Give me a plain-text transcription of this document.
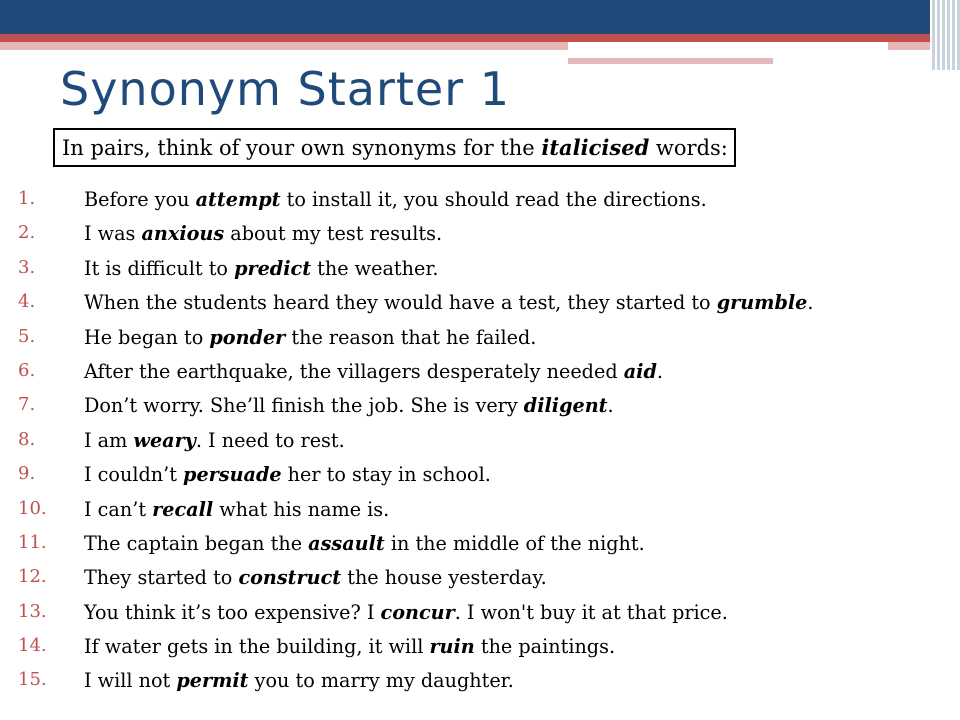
Synonym Starter 1
In pairs, think of your own synonyms for the italicised words:
1.	Before you attempt to install it, you should read the directions.
2.	I was anxious about my test results.
3.	It is difficult to predict the weather.
4.	When the students heard they would have a test, they started to grumble.
5.	He began to ponder the reason that he failed.
6.	After the earthquake, the villagers desperately needed aid.
7.	Don’t worry. She’ll finish the job. She is very diligent.
8.	I am weary. I need to rest.
9.	I couldn’t persuade her to stay in school.
10.	I can’t recall what his name is.
11.	The captain began the assault in the middle of the night.
12.	They started to construct the house yesterday.
13.	You think it’s too expensive? I concur. I won't buy it at that price.
14.	If water gets in the building, it will ruin the paintings.
15.	I will not permit you to marry my daughter.
